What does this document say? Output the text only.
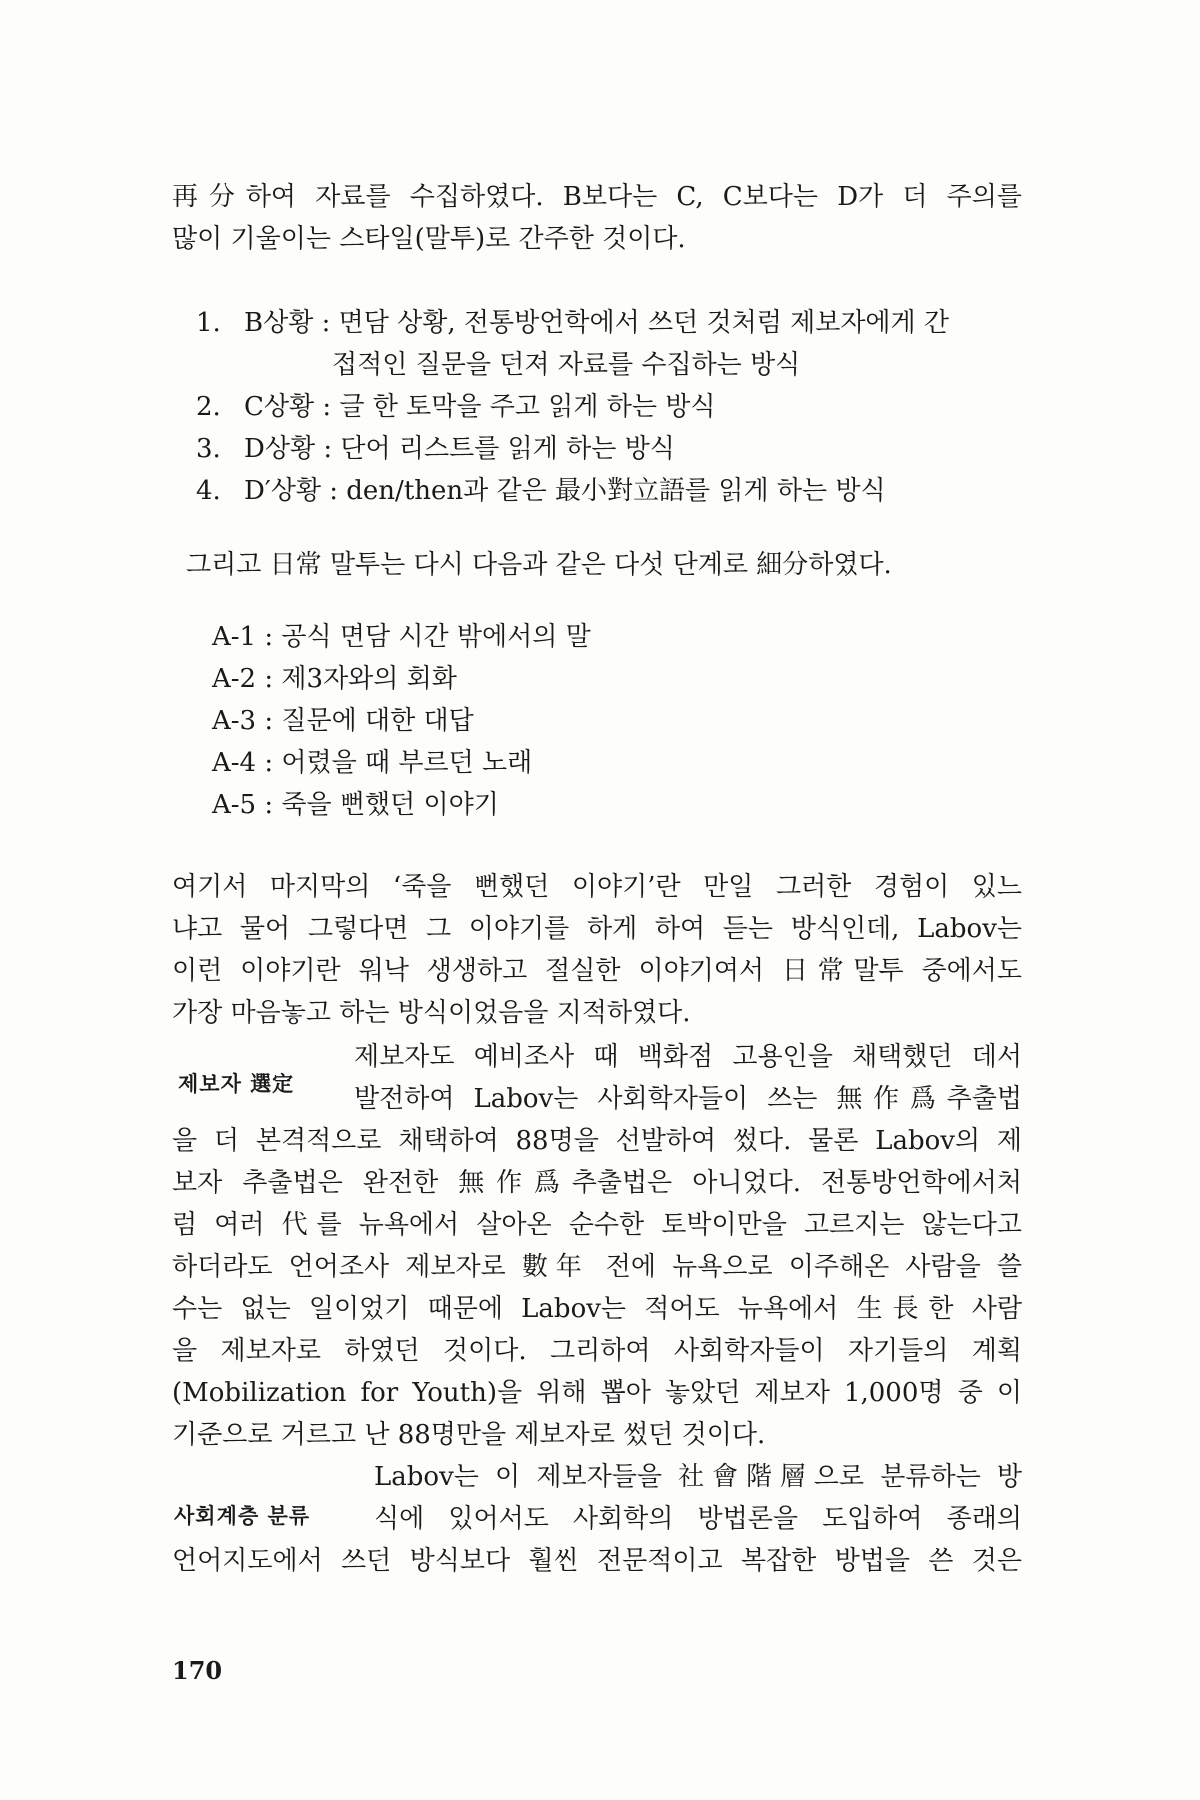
再分하여 자료를 수집하였다. B보다는 C, C보다는 D가 더 주의를
많이 기울이는 스타일(말투)로 간주한 것이다.
1. B상황 : 면담 상황, 전통방언학에서 쓰던 것처럼 제보자에게 간
접적인 질문을 던져 자료를 수집하는 방식
2. C상황 : 글 한 토막을 주고 읽게 하는 방식
3. D상황 : 단어 리스트를 읽게 하는 방식
4. D′상황 : den/then과 같은 最小對立語를 읽게 하는 방식
그리고 日常 말투는 다시 다음과 같은 다섯 단계로 細分하였다.
A-1 : 공식 면담 시간 밖에서의 말
A-2 : 제3자와의 회화
A-3 : 질문에 대한 대답
A-4 : 어렸을 때 부르던 노래
A-5 : 죽을 뻔했던 이야기
여기서 마지막의 ‘죽을 뻔했던 이야기’란 만일 그러한 경험이 있느
냐고 물어 그렇다면 그 이야기를 하게 하여 듣는 방식인데, Labov는
이런 이야기란 워낙 생생하고 절실한 이야기여서 日常말투 중에서도
가장 마음놓고 하는 방식이었음을 지적하였다.
제보자 選定
제보자도 예비조사 때 백화점 고용인을 채택했던 데서
발전하여 Labov는 사회학자들이 쓰는 無作爲추출법
을 더 본격적으로 채택하여 88명을 선발하여 썼다. 물론 Labov의 제
보자 추출법은 완전한 無作爲추출법은 아니었다. 전통방언학에서처
럼 여러 代를 뉴욕에서 살아온 순수한 토박이만을 고르지는 않는다고
하더라도 언어조사 제보자로 數年 전에 뉴욕으로 이주해온 사람을 쓸
수는 없는 일이었기 때문에 Labov는 적어도 뉴욕에서 生長한 사람
을 제보자로 하였던 것이다. 그리하여 사회학자들이 자기들의 계획
(Mobilization for Youth)을 위해 뽑아 놓았던 제보자 1,000명 중 이
기준으로 거르고 난 88명만을 제보자로 썼던 것이다.
사회계층 분류
Labov는 이 제보자들을 社會階層으로 분류하는 방
식에 있어서도 사회학의 방법론을 도입하여 종래의
언어지도에서 쓰던 방식보다 훨씬 전문적이고 복잡한 방법을 쓴 것은
170
